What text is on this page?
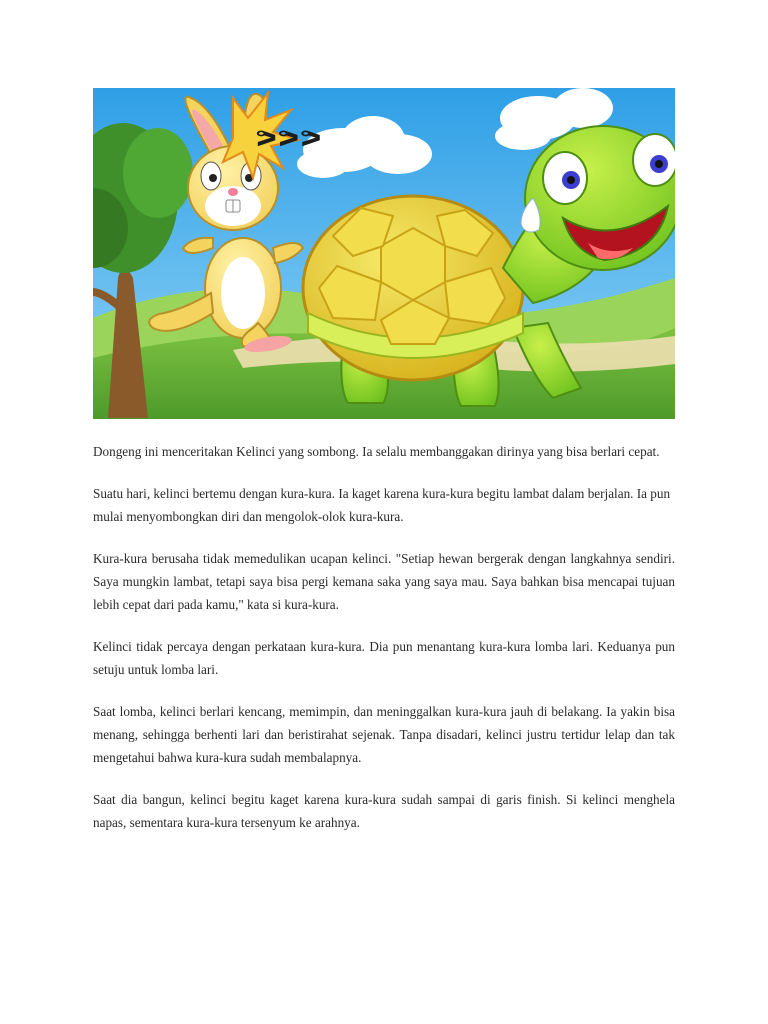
ᕗᕗᕗ

Dongeng ini menceritakan Kelinci yang sombong. Ia selalu membanggakan dirinya yang bisa berlari cepat.

Suatu hari, kelinci bertemu dengan kura-kura. Ia kaget karena kura-kura begitu lambat dalam berjalan. Ia pun mulai menyombongkan diri dan mengolok-olok kura-kura.

Kura-kura berusaha tidak memedulikan ucapan kelinci. "Setiap hewan bergerak dengan langkahnya sendiri. Saya mungkin lambat, tetapi saya bisa pergi kemana saka yang saya mau. Saya bahkan bisa mencapai tujuan lebih cepat dari pada kamu," kata si kura-kura.

Kelinci tidak percaya dengan perkataan kura-kura. Dia pun menantang kura-kura lomba lari. Keduanya pun setuju untuk lomba lari.

Saat lomba, kelinci berlari kencang, memimpin, dan meninggalkan kura-kura jauh di belakang. Ia yakin bisa menang, sehingga berhenti lari dan beristirahat sejenak. Tanpa disadari, kelinci justru tertidur lelap dan tak mengetahui bahwa kura-kura sudah membalapnya.

Saat dia bangun, kelinci begitu kaget karena kura-kura sudah sampai di garis finish. Si kelinci menghela napas, sementara kura-kura tersenyum ke arahnya.
